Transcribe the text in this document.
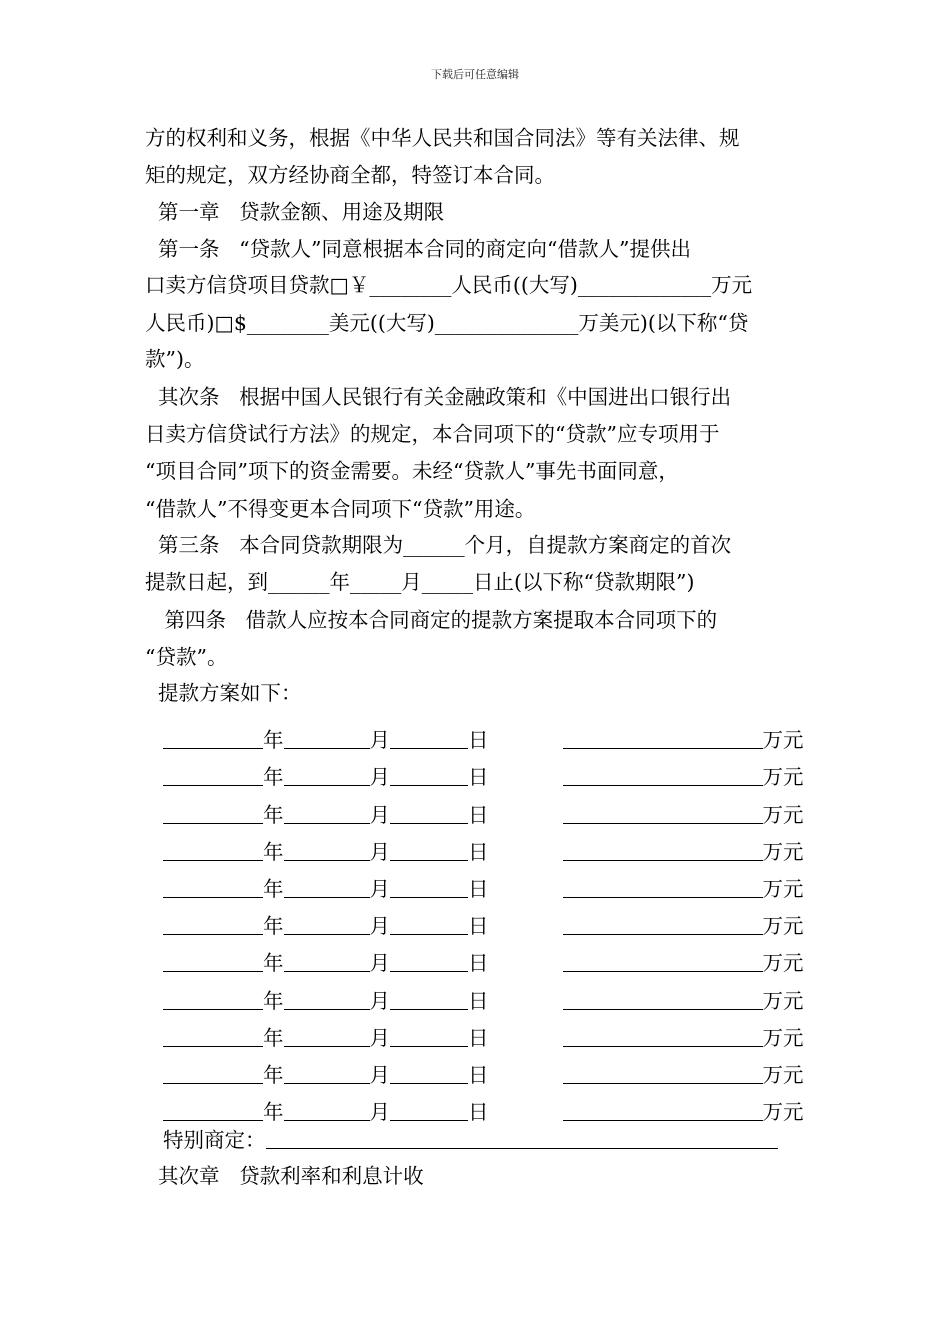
下载后可任意编辑
方的权利和义务，根据《中华人民共和国合同法》等有关法律、规
矩的规定，双方经协商全都，特签订本合同。
第一章   贷款金额、用途及期限
第一条   “贷款人”同意根据本合同的商定向“借款人”提供出
口卖方信贷项目贷款□￥________人民币((大写)_____________万元
人民币)□$________美元((大写)______________万美元)(以下称“贷
款”)。
其次条   根据中国人民银行有关金融政策和《中国进出口银行出
日卖方信贷试行方法》的规定，本合同项下的“贷款”应专项用于
“项目合同”项下的资金需要。未经“贷款人”事先书面同意，
“借款人”不得变更本合同项下“贷款”用途。
第三条   本合同贷款期限为______个月，自提款方案商定的首次
提款日起，到______年_____月_____日止(以下称“贷款期限”)
第四条   借款人应按本合同商定的提款方案提取本合同项下的
“贷款”。
提款方案如下：
年	月	日	万元
年	月	日	万元
年	月	日	万元
年	月	日	万元
年	月	日	万元
年	月	日	万元
年	月	日	万元
年	月	日	万元
年	月	日	万元
年	月	日	万元
年	月	日	万元
特别商定：
其次章   贷款利率和利息计收
